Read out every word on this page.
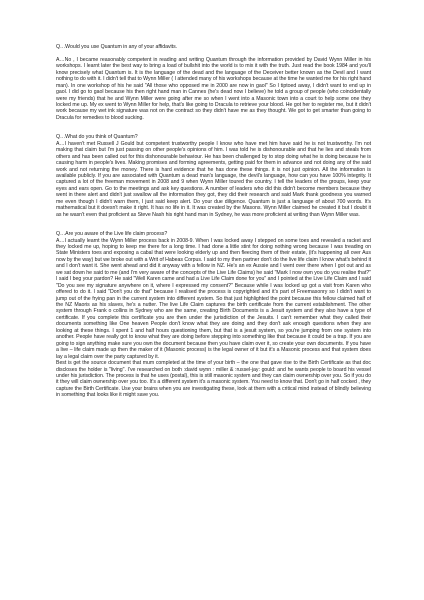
Q…Would you use Quantum in any of your affidavits.

A…No , I became reasonably competent in reading and writing Quantum through the information provided by David Wynn Miller in his workshops. I learnt later the best way to bring a load of bullshit into the world is to mix it with the truth. Just read the book 1984 and you'll know precisely what Quantum is. It is the language of the dead and the language of the Deceiver better known as the Devil and I want nothing to do with it. I didn't tell that to Wynn Miller ( I attended many of his workshops because at the time he wanted me for his right hand man). In one workshop of his he said "All those who opposed me in 2000 are now in gaol" So I tiptoed away, I didn't want to end up in gaol. I did go to gaol because his then right hand man in Cannes (he's dead now I believe) he told a group of people (who coincidentally were my friends) that he and Wynn Miller were going after me so when I went into a Masonic town into a court to help some one they locked me up. My ex went to Wynn Miller for help, that's like going to Dracula to retrieve your blood. He got her to register me, but it didn't work because my wet ink signature was not on the contract so they didn't have me as they thought. We got to get smarter than going to Dracula for remedies to blood sucking.

Q…What do you think of Quantum?

A…I haven't met Russell J Gould but competent trustworthy people I know who have met him have said he is not trustworthy. I'm not making that claim but I'm just passing on other people's opinions of him. I was told he is dishonourable and that he lies and steals from others and has been called out for this dishonourable behaviour. He has been challenged by to stop doing what he is doing because he is causing harm in people's lives. Making promises and forming agreements, getting paid for them in advance and not doing any of the said work and not returning the money. There is hard evidence that he has done these things. it is not just opinion. All the information is available publicly. If you are associated with Quantum a dead man's language, the devil's language, how can you have 100% integrity. It captured a lot of the freeman movement in 2008 and 9 when Wynn Miller toured the country. I tell the leaders of the groups, keep your eyes and ears open. Go to the meetings and ask key questions. A number of leaders who did this didn't become members because they went in there alert and didn't just swallow all the information they got, they did their research and said Mark thank goodness you warned me even though I didn't warn them, I just said keep alert. Do your due diligence. Quantum is just a language of about 700 words. It's mathematical but it doesn't make it right. It has no life in it. It was created by the Masons. Wynn Miller claimed he created it but I doubt it as he wasn't even that proficient as Steve Nash his right hand man in Sydney, he was more proficient at writing than Wynn Miller was.

Q…Are you aware of the Live life claim process?

A…I actually learnt the Wynn Miller process back in 2008-9. When I was locked away I stepped on some toes and revealed a racket and they locked me up, hoping to keep me there for a long time. I had done a little stint for doing nothing wrong because I was treading on State Ministers toes and exposing a cabal that were looking elderly up and then fleecing them of their estate, (it's happening all over Aus now by the way) but we broke out with a Writ of Habeas Corpus. I said to my then partner don't do the live life claim I know what's behind it and I don't want it. She went ahead and did it anyway with a fellow in NZ. He's an ex Aussie and I went over there when I got out and as we sat down he said to me (and I'm very aware of the concepts of the Live Life Claims) he said "Mark I now own you do you realise that?" I said I beg your pardon? He said "Well Karen came and had a Live Life Claim done for you" and I pointed at the Live Life Claim and I said "Do you see my signature anywhere on it, where I expressed my consent?" Because while I was locked up got a visit from Karen who offered to do it. I said "Don't you do that" because I realised the process is copyrighted and it's part of Freemasonry so I didn't want to jump out of the frying pan in the current system into different system. So that just highlighted the point because this fellow claimed half of the NZ Maoris as his slaves, he's a nutter. The live Life Claim captures the birth certificate from the current establishment. The other system through Frank o collins in Sydney who are the same, creating Birth Documents is a Jesuit system and they also have a type of certificate. If you complete this certificate you are then under the jurisdiction of the Jesuits. I can't remember what they called their documents something like One heaven People don't know what they are doing and they don't ask enough questions when they are looking at these things. I spent 1 and half hours questioning them, but that is a jesuit system, so you're jumping from one system into another. People have really got to know what they are doing before stepping into something like that because it could be a trap. If you are going to sign anything make sure you own the document because then you have claim over it, so create your own documents. If you have a live – life claim made up then the maker of it (Masonic process) is the legal owner of it but it's a Masonic process and that system does lay a legal claim over the party captured by it.

Best is get the source document that mum completed at the time of your birth – the one that gave rise to the Birth Certificate as that doc discloses the holder is "living". I've researched on both :david wynn : miller & :russel-jay: gould: and he wants people to board his vessel under his jurisdiction. The process is that he uses (postal), this is still masonic system and they can claim ownership over you. So if you do it they will claim ownership over you too. It's a different system it's a masonic system. You need to know that. Don't go in half cocked , they capture the Birth Certificate. Use your brains when you are investigating these, look at them with a critical mind instead of blindly believing in something that looks like it might save you.
